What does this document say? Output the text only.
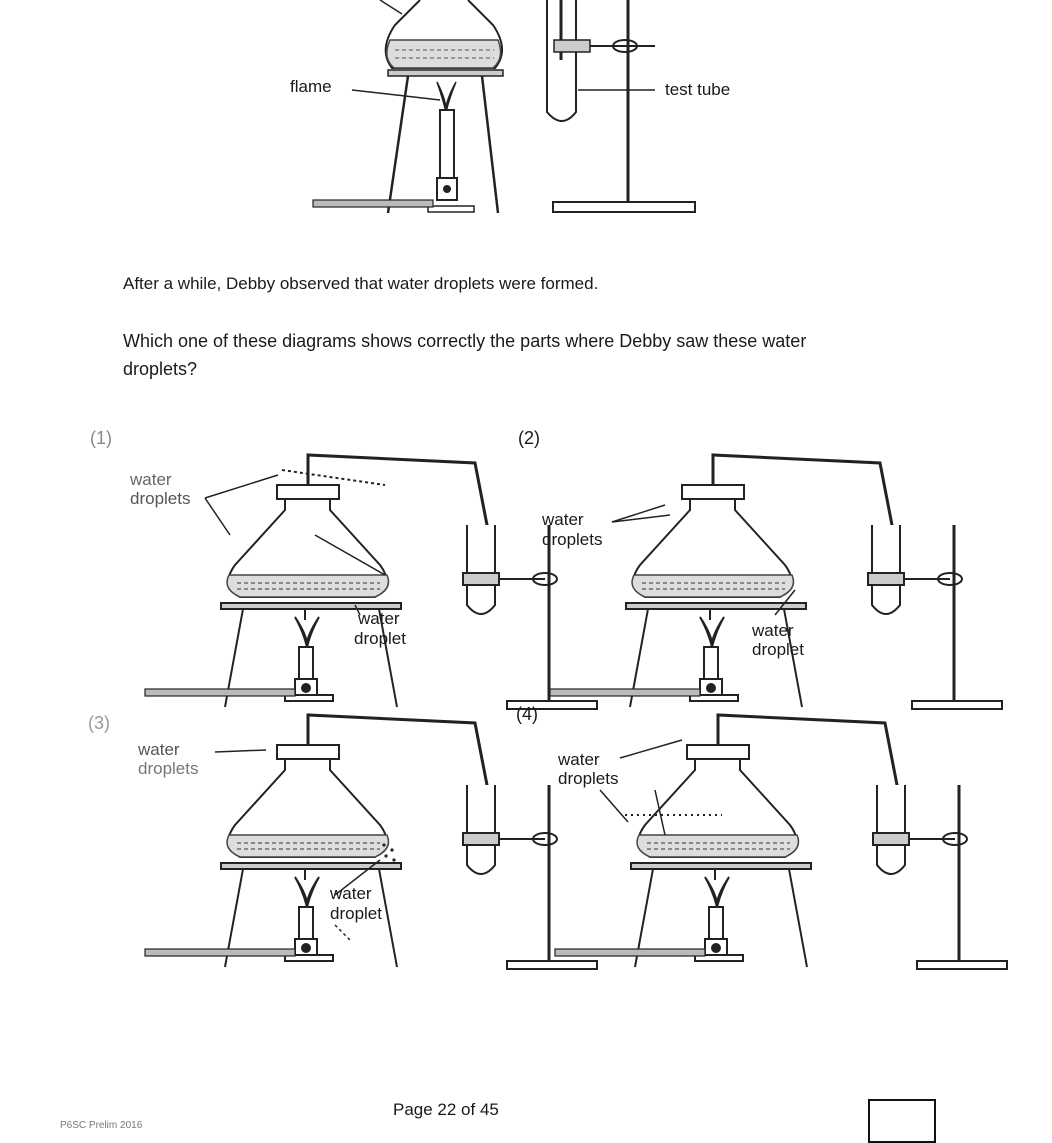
flame	test tube
After a while, Debby observed that water droplets were formed.
Which one of these diagrams shows correctly the parts where Debby saw these water droplets?
(1)	(2)
(3)	(4)
water
droplets
water
droplet
water
droplets
water
droplet
water
droplets
water
droplet
water
droplets
Page 22 of 45
P6SC Prelim 2016
